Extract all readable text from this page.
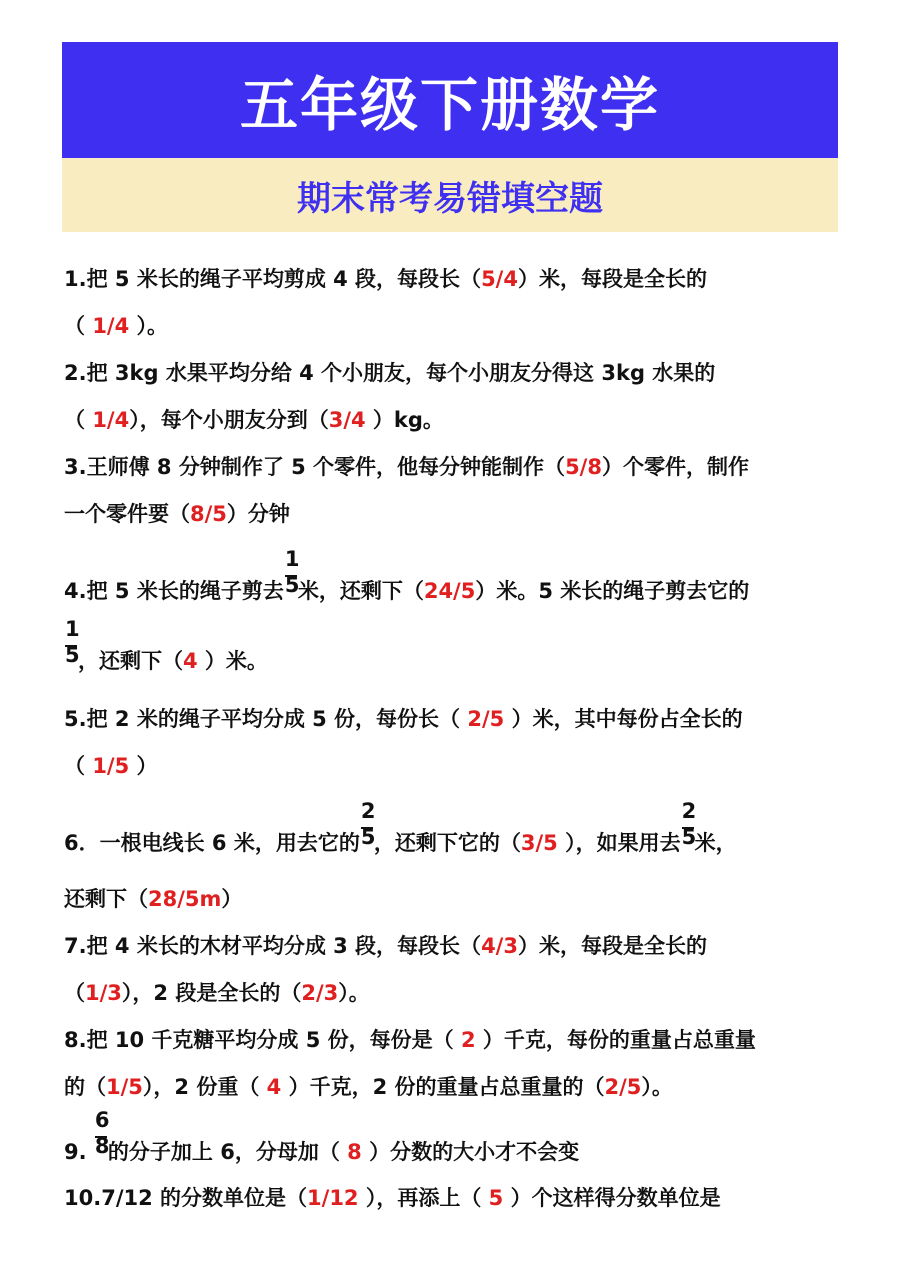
五年级下册数学
期末常考易错填空题
1.把 5 米长的绳子平均剪成 4 段，每段长（5/4）米，每段是全长的
（ 1/4 ）。
2.把 3kg 水果平均分给 4 个小朋友，每个小朋友分得这 3kg 水果的
（ 1/4），每个小朋友分到（3/4 ）kg。
3.王师傅 8 分钟制作了 5 个零件，他每分钟能制作（5/8）个零件，制作
一个零件要（8/5）分钟
4.把 5 米长的绳子剪去 $\frac{1}{5}$ 米，还剩下（24/5）米。5 米长的绳子剪去它的

$\frac{1}{5}$ ，还剩下（4 ）米。
5.把 2 米的绳子平均分成 5 份，每份长（ 2/5 ）米，其中每份占全长的
（ 1/5 ）
6．一根电线长 6 米，用去它的 $\frac{2}{5}$ ，还剩下它的（3/5 ），如果用去 $\frac{2}{5}$ 米，
还剩下（28/5m）
7.把 4 米长的木材平均分成 3 段，每段长（4/3）米，每段是全长的
（1/3），2 段是全长的（2/3）。
8.把 10 千克糖平均分成 5 份，每份是（ 2 ）千克，每份的重量占总重量
的（1/5），2 份重（ 4 ）千克，2 份的重量占总重量的（2/5）。
9. $\frac{6}{8}$ 的分子加上 6，分母加（ 8 ）分数的大小才不会变
10.7/12 的分数单位是（1/12 ），再添上（ 5 ）个这样得分数单位是
